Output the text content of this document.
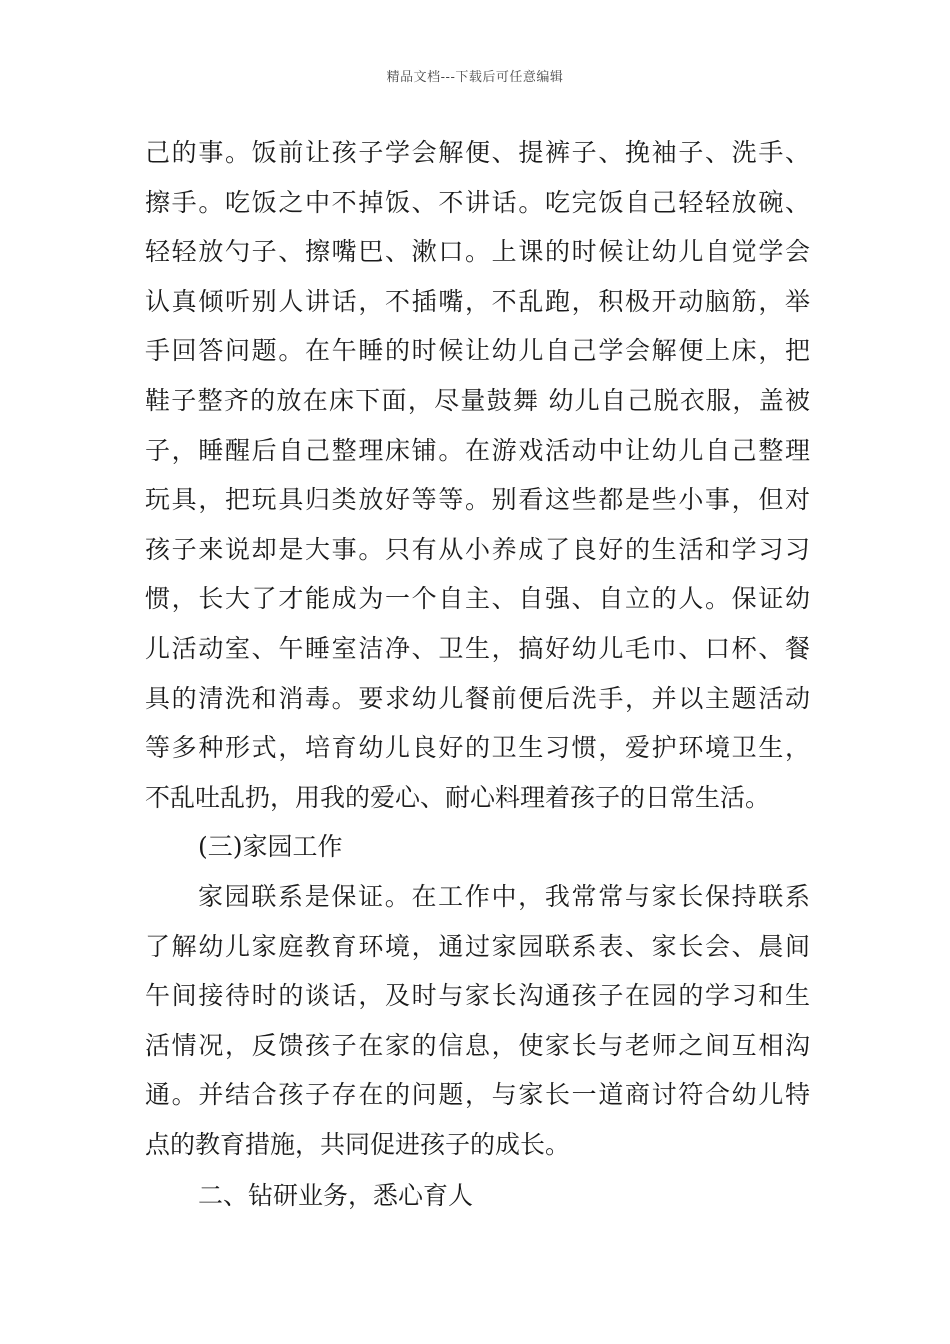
精品文档---下载后可任意编辑
己的事。饭前让孩子学会解便、提裤子、挽袖子、洗手、
擦手。吃饭之中不掉饭、不讲话。吃完饭自己轻轻放碗、
轻轻放勺子、擦嘴巴、漱口。上课的时候让幼儿自觉学会
认真倾听别人讲话，不插嘴，不乱跑，积极开动脑筋，举
手回答问题。在午睡的时候让幼儿自己学会解便上床，把
鞋子整齐的放在床下面，尽量鼓舞 幼儿自己脱衣服，盖被
子，睡醒后自己整理床铺。在游戏活动中让幼儿自己整理
玩具，把玩具归类放好等等。别看这些都是些小事，但对
孩子来说却是大事。只有从小养成了良好的生活和学习习
惯，长大了才能成为一个自主、自强、自立的人。保证幼
儿活动室、午睡室洁净、卫生，搞好幼儿毛巾、口杯、餐
具的清洗和消毒。要求幼儿餐前便后洗手，并以主题活动
等多种形式，培育幼儿良好的卫生习惯，爱护环境卫生，
不乱吐乱扔，用我的爱心、耐心料理着孩子的日常生活。
(三)家园工作
家园联系是保证。在工作中，我常常与家长保持联系
了解幼儿家庭教育环境，通过家园联系表、家长会、晨间
午间接待时的谈话，及时与家长沟通孩子在园的学习和生
活情况，反馈孩子在家的信息，使家长与老师之间互相沟
通。并结合孩子存在的问题，与家长一道商讨符合幼儿特
点的教育措施，共同促进孩子的成长。
二、钻研业务，悉心育人
